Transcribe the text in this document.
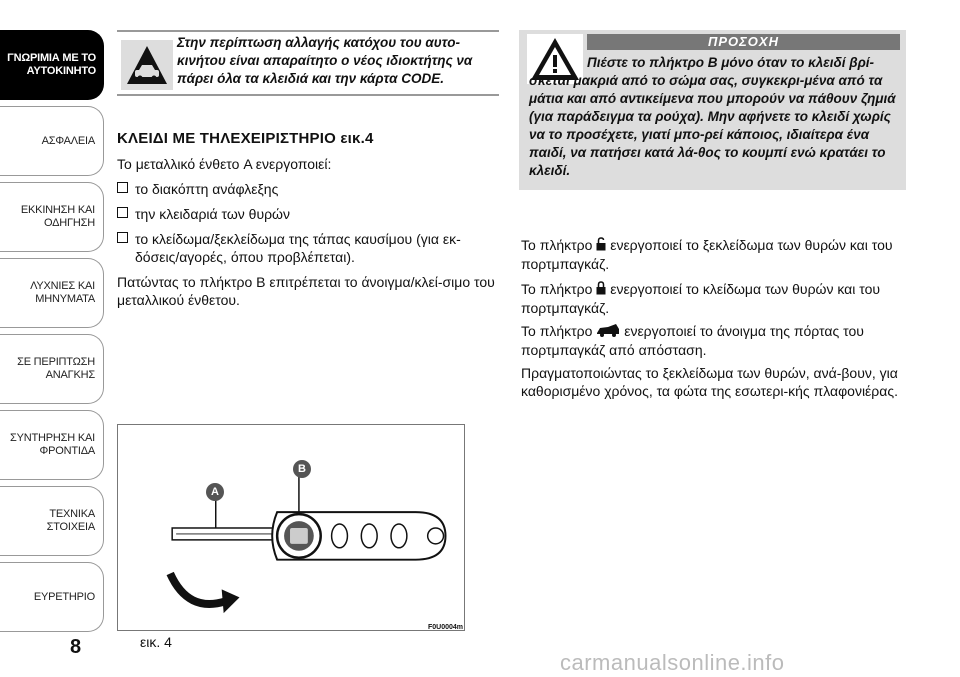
ΓΝΩΡΙΜΙΑ ΜΕ ΤΟ ΑΥΤΟΚΙΝΗΤΟ
ΑΣΦΑΛΕΙΑ
ΕΚΚΙΝΗΣΗ ΚΑΙ ΟΔΗΓΗΣΗ
ΛΥΧΝΙΕΣ ΚΑΙ ΜΗΝΥΜΑΤΑ
ΣΕ ΠΕΡΙΠΤΩΣΗ ΑΝΑΓΚΗΣ
ΣΥΝΤΗΡΗΣΗ ΚΑΙ ΦΡΟΝΤΙΔΑ
ΤΕΧΝΙΚΑ ΣΤΟΙΧΕΙΑ
ΕΥΡΕΤΗΡΙΟ
8
Στην περίπτωση αλλαγής κατόχου του αυτο-κινήτου είναι απαραίτητο ο νέος ιδιοκτήτης να πάρει όλα τα κλειδιά και την κάρτα CODE.
ΚΛΕΙΔΙ ΜΕ ΤΗΛΕΧΕΙΡΙΣΤΗΡΙΟ εικ.4
Το μεταλλικό ένθετο A ενεργοποιεί:
το διακόπτη ανάφλεξης
την κλειδαριά των θυρών
το κλείδωμα/ξεκλείδωμα της τάπας καυσίμου (για εκ-δόσεις/αγορές, όπου προβλέπεται).
Πατώντας το πλήκτρο B επιτρέπεται το άνοιγμα/κλεί-σιμο του μεταλλικού ένθετου.
A
B
εικ. 4
F0U0004m
ΠΡΟΣΟΧΗ
Πιέστε το πλήκτρο B μόνο όταν το κλειδί βρί-σκεται μακριά από το σώμα σας, συγκεκρι-μένα από τα μάτια και από αντικείμενα που μπορούν να πάθουν ζημιά (για παράδειγμα τα ρούχα). Μην αφήνετε το κλειδί χωρίς να το προσέχετε, γιατί μπο-ρεί κάποιος, ιδιαίτερα ένα παιδί, να πατήσει κατά λά-θος το κουμπί ενώ κρατάει το κλειδί.
Το πλήκτρο ενεργοποιεί το ξεκλείδωμα των θυρών και του πορτμπαγκάζ.
Το πλήκτρο ενεργοποιεί το κλείδωμα των θυρών και του πορτμπαγκάζ.
Το πλήκτρο ενεργοποιεί το άνοιγμα της πόρτας του πορτμπαγκάζ από απόσταση.
Πραγματοποιώντας το ξεκλείδωμα των θυρών, ανά-βουν, για καθορισμένο χρόνος, τα φώτα της εσωτερι-κής πλαφονιέρας.
carmanualsonline.info
